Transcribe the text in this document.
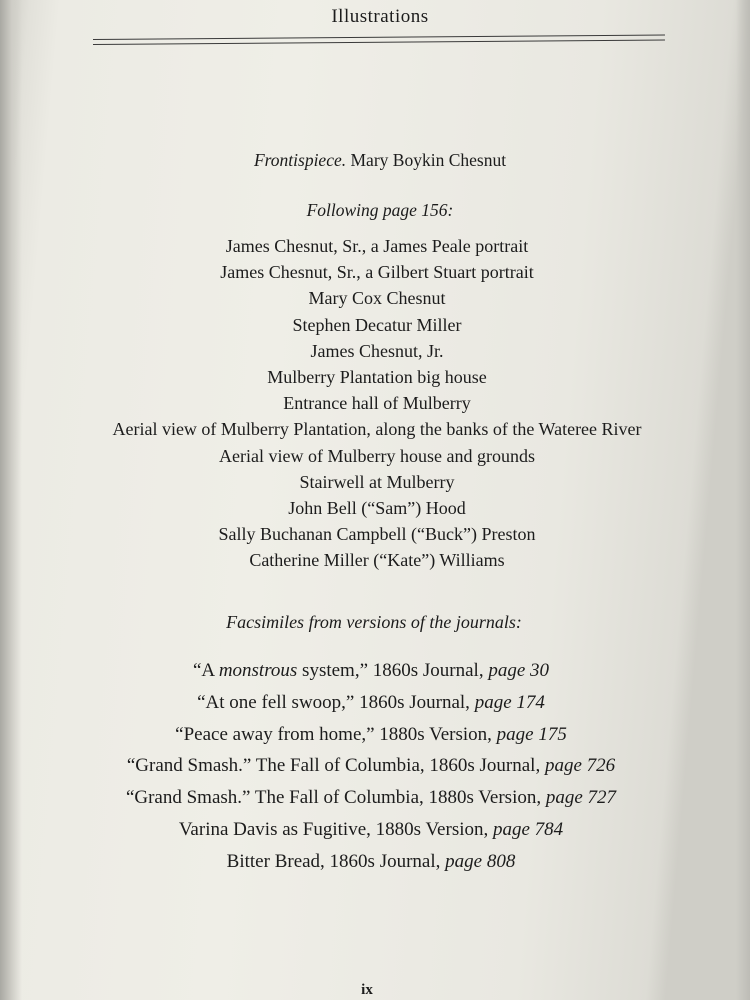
Illustrations
Frontispiece. Mary Boykin Chesnut
Following page 156:
James Chesnut, Sr., a James Peale portrait
James Chesnut, Sr., a Gilbert Stuart portrait
Mary Cox Chesnut
Stephen Decatur Miller
James Chesnut, Jr.
Mulberry Plantation big house
Entrance hall of Mulberry
Aerial view of Mulberry Plantation, along the banks of the Wateree River
Aerial view of Mulberry house and grounds
Stairwell at Mulberry
John Bell (“Sam”) Hood
Sally Buchanan Campbell (“Buck”) Preston
Catherine Miller (“Kate”) Williams
Facsimiles from versions of the journals:
“A monstrous system,” 1860s Journal, page 30
“At one fell swoop,” 1860s Journal, page 174
“Peace away from home,” 1880s Version, page 175
“Grand Smash.” The Fall of Columbia, 1860s Journal, page 726
“Grand Smash.” The Fall of Columbia, 1880s Version, page 727
Varina Davis as Fugitive, 1880s Version, page 784
Bitter Bread, 1860s Journal, page 808
ix
